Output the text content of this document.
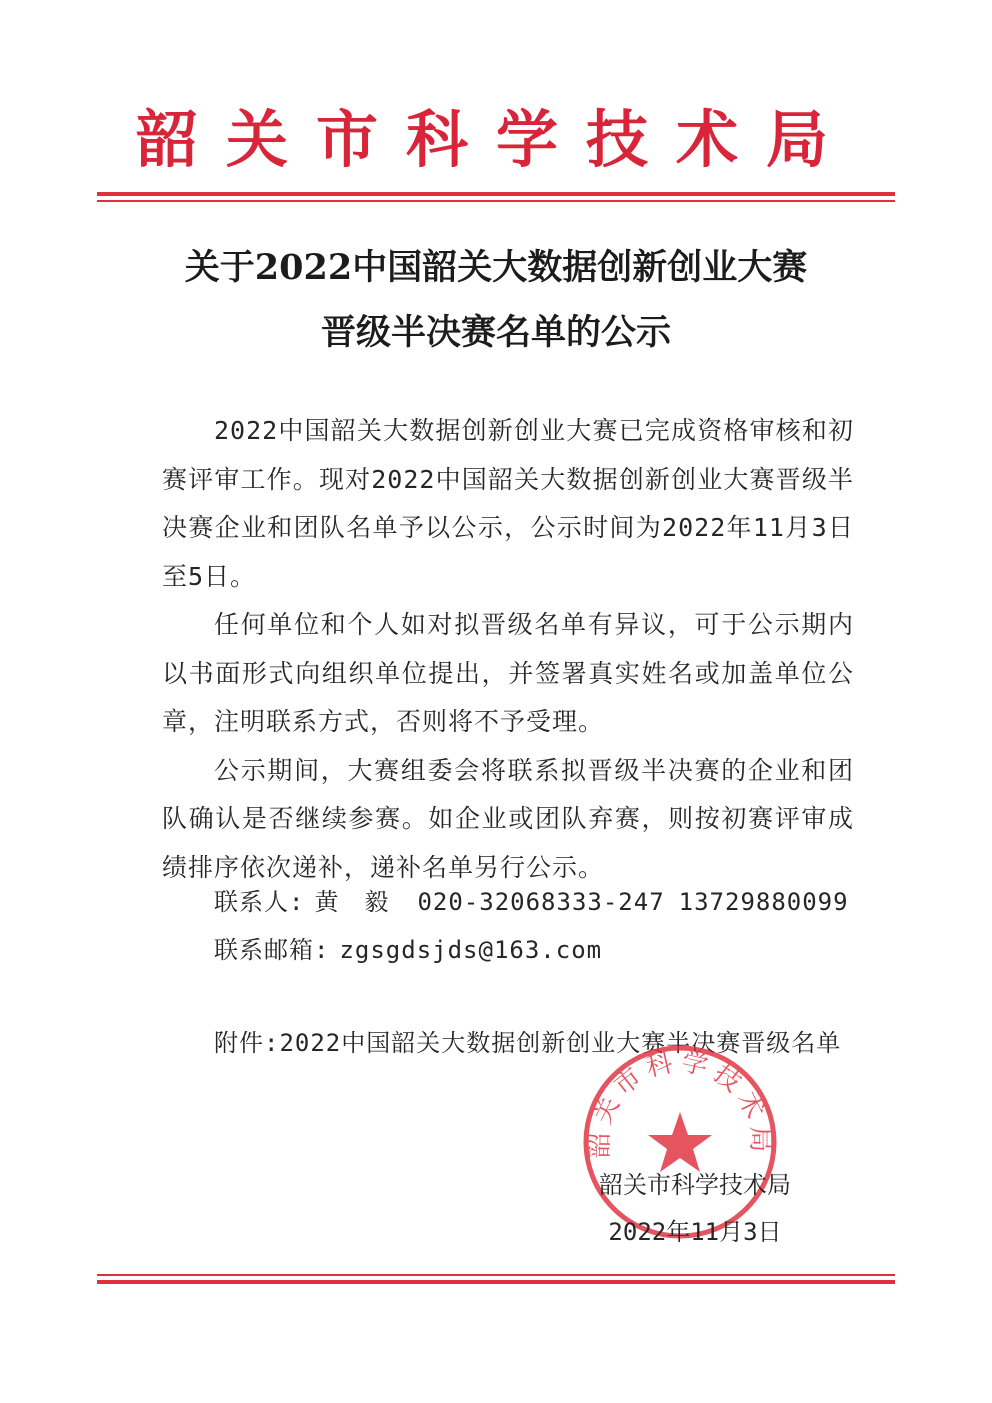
韶关市科学技术局
关于2022中国韶关大数据创新创业大赛
晋级半决赛名单的公示

2022中国韶关大数据创新创业大赛已完成资格审核和初赛评审工作。现对2022中国韶关大数据创新创业大赛晋级半决赛企业和团队名单予以公示，公示时间为2022年11月3日至5日。

任何单位和个人如对拟晋级名单有异议，可于公示期内以书面形式向组织单位提出，并签署真实姓名或加盖单位公章，注明联系方式，否则将不予受理。

公示期间，大赛组委会将联系拟晋级半决赛的企业和团队确认是否继续参赛。如企业或团队弃赛，则按初赛评审成绩排序依次递补，递补名单另行公示。

联系人: 黄　毅 020-32068333-247 13729880099
联系邮箱: zgsgdsjds@163.com
附件:2022中国韶关大数据创新创业大赛半决赛晋级名单
韶关市科学技术局
韶关市科学技术局
2022年11月3日
